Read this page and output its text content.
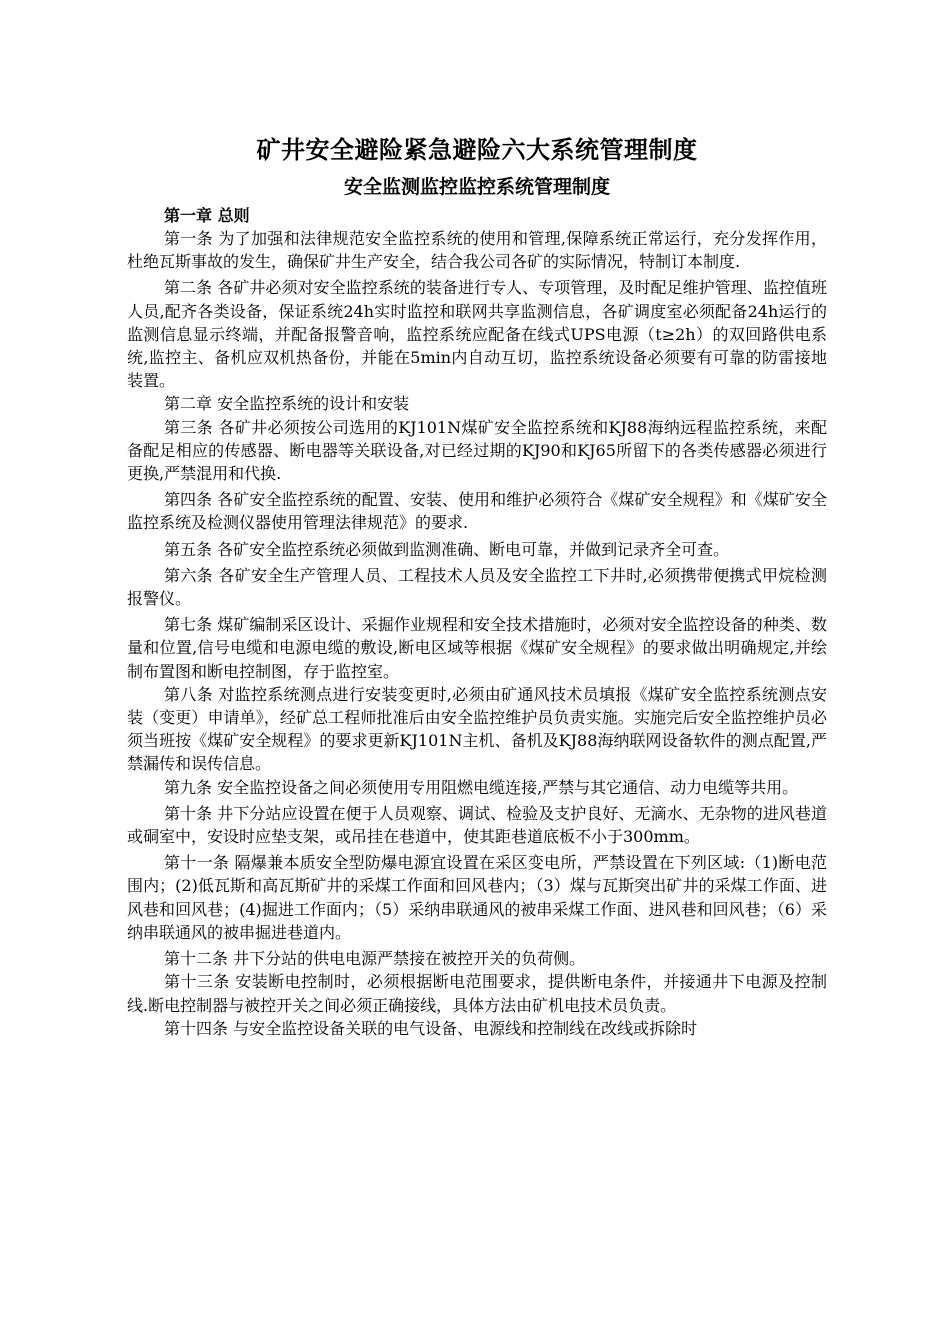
矿井安全避险紧急避险六大系统管理制度
安全监测监控监控系统管理制度

第一章 总则

第一条 为了加强和法律规范安全监控系统的使用和管理,保障系统正常运行，充分发挥作用，杜绝瓦斯事故的发生，确保矿井生产安全，结合我公司各矿的实际情况，特制订本制度.

第二条 各矿井必须对安全监控系统的装备进行专人、专项管理，及时配足维护管理、监控值班人员,配齐各类设备，保证系统24h实时监控和联网共享监测信息，各矿调度室必须配备24h运行的监测信息显示终端，并配备报警音响，监控系统应配备在线式UPS电源（t≥2h）的双回路供电系统,监控主、备机应双机热备份，并能在5min内自动互切，监控系统设备必须要有可靠的防雷接地装置。

第二章 安全监控系统的设计和安装

第三条 各矿井必须按公司选用的KJ101N煤矿安全监控系统和KJ88海纳远程监控系统，来配备配足相应的传感器、断电器等关联设备,对已经过期的KJ90和KJ65所留下的各类传感器必须进行更换,严禁混用和代换.

第四条 各矿安全监控系统的配置、安装、使用和维护必须符合《煤矿安全规程》和《煤矿安全监控系统及检测仪器使用管理法律规范》的要求.

第五条 各矿安全监控系统必须做到监测准确、断电可靠，并做到记录齐全可查。

第六条 各矿安全生产管理人员、工程技术人员及安全监控工下井时,必须携带便携式甲烷检测报警仪。

第七条 煤矿编制采区设计、采掘作业规程和安全技术措施时，必须对安全监控设备的种类、数量和位置,信号电缆和电源电缆的敷设,断电区域等根据《煤矿安全规程》的要求做出明确规定,并绘制布置图和断电控制图，存于监控室。

第八条 对监控系统测点进行安装变更时,必须由矿通风技术员填报《煤矿安全监控系统测点安装（变更）申请单》，经矿总工程师批准后由安全监控维护员负责实施。实施完后安全监控维护员必须当班按《煤矿安全规程》的要求更新KJ101N主机、备机及KJ88海纳联网设备软件的测点配置,严禁漏传和误传信息。

第九条 安全监控设备之间必须使用专用阻燃电缆连接,严禁与其它通信、动力电缆等共用。

第十条 井下分站应设置在便于人员观察、调试、检验及支护良好、无滴水、无杂物的进风巷道或硐室中，安设时应垫支架，或吊挂在巷道中，使其距巷道底板不小于300mm。

第十一条 隔爆兼本质安全型防爆电源宜设置在采区变电所，严禁设置在下列区域:（1)断电范围内；(2)低瓦斯和高瓦斯矿井的采煤工作面和回风巷内；（3）煤与瓦斯突出矿井的采煤工作面、进风巷和回风巷；(4)掘进工作面内；（5）采纳串联通风的被串采煤工作面、进风巷和回风巷；（6）采纳串联通风的被串掘进巷道内。

第十二条 井下分站的供电电源严禁接在被控开关的负荷侧。

第十三条 安装断电控制时，必须根据断电范围要求，提供断电条件，并接通井下电源及控制线.断电控制器与被控开关之间必须正确接线，具体方法由矿机电技术员负责。

第十四条 与安全监控设备关联的电气设备、电源线和控制线在改线或拆除时
